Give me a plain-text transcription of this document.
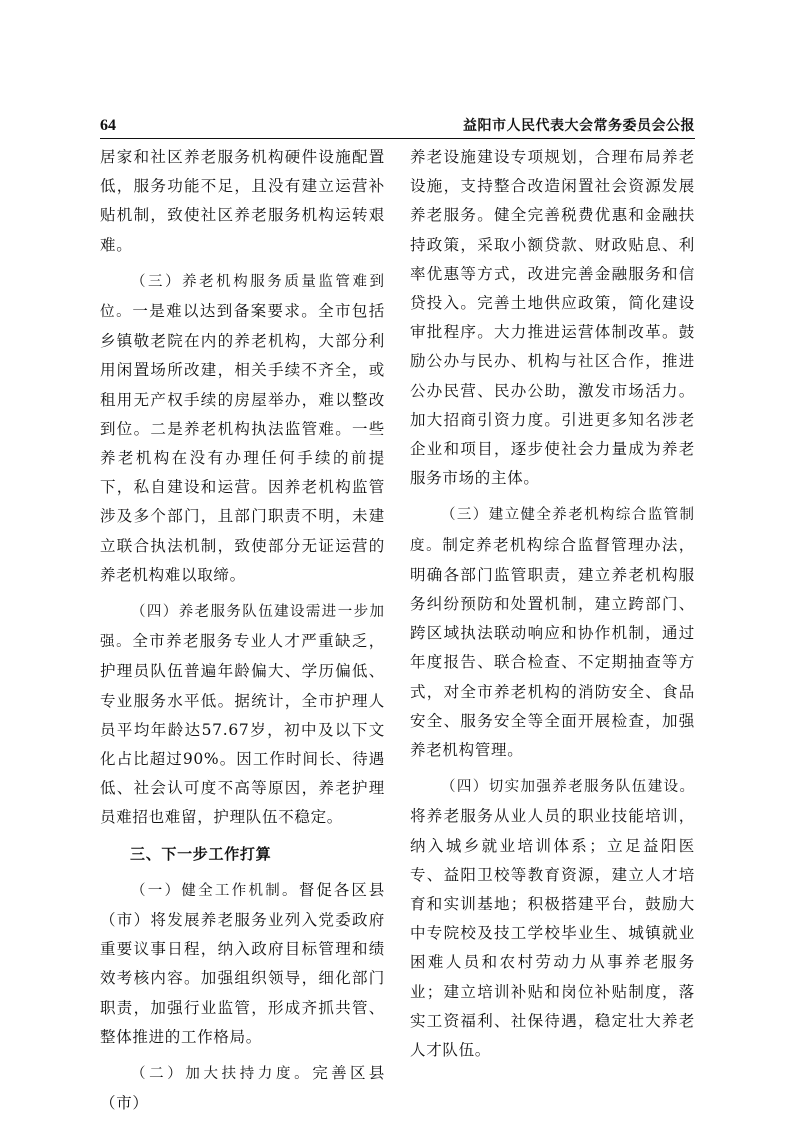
64	益阳市人民代表大会常务委员会公报

居家和社区养老服务机构硬件设施配置低，服务功能不足，且没有建立运营补贴机制，致使社区养老服务机构运转艰难。

（三）养老机构服务质量监管难到位。一是难以达到备案要求。全市包括乡镇敬老院在内的养老机构，大部分利用闲置场所改建，相关手续不齐全，或租用无产权手续的房屋举办，难以整改到位。二是养老机构执法监管难。一些养老机构在没有办理任何手续的前提下，私自建设和运营。因养老机构监管涉及多个部门，且部门职责不明，未建立联合执法机制，致使部分无证运营的养老机构难以取缔。

（四）养老服务队伍建设需进一步加强。全市养老服务专业人才严重缺乏，护理员队伍普遍年龄偏大、学历偏低、专业服务水平低。据统计，全市护理人员平均年龄达57.67岁，初中及以下文化占比超过90%。因工作时间长、待遇低、社会认可度不高等原因，养老护理员难招也难留，护理队伍不稳定。

三、下一步工作打算

（一）健全工作机制。督促各区县（市）将发展养老服务业列入党委政府重要议事日程，纳入政府目标管理和绩效考核内容。加强组织领导，细化部门职责，加强行业监管，形成齐抓共管、整体推进的工作格局。

（二）加大扶持力度。完善区县（市）

养老设施建设专项规划，合理布局养老设施，支持整合改造闲置社会资源发展养老服务。健全完善税费优惠和金融扶持政策，采取小额贷款、财政贴息、利率优惠等方式，改进完善金融服务和信贷投入。完善土地供应政策，简化建设审批程序。大力推进运营体制改革。鼓励公办与民办、机构与社区合作，推进公办民营、民办公助，激发市场活力。加大招商引资力度。引进更多知名涉老企业和项目，逐步使社会力量成为养老服务市场的主体。

（三）建立健全养老机构综合监管制度。制定养老机构综合监督管理办法，明确各部门监管职责，建立养老机构服务纠纷预防和处置机制，建立跨部门、跨区域执法联动响应和协作机制，通过年度报告、联合检查、不定期抽查等方式，对全市养老机构的消防安全、食品安全、服务安全等全面开展检查，加强养老机构管理。

（四）切实加强养老服务队伍建设。将养老服务从业人员的职业技能培训，纳入城乡就业培训体系；立足益阳医专、益阳卫校等教育资源，建立人才培育和实训基地；积极搭建平台，鼓励大中专院校及技工学校毕业生、城镇就业困难人员和农村劳动力从事养老服务业；建立培训补贴和岗位补贴制度，落实工资福利、社保待遇，稳定壮大养老人才队伍。
